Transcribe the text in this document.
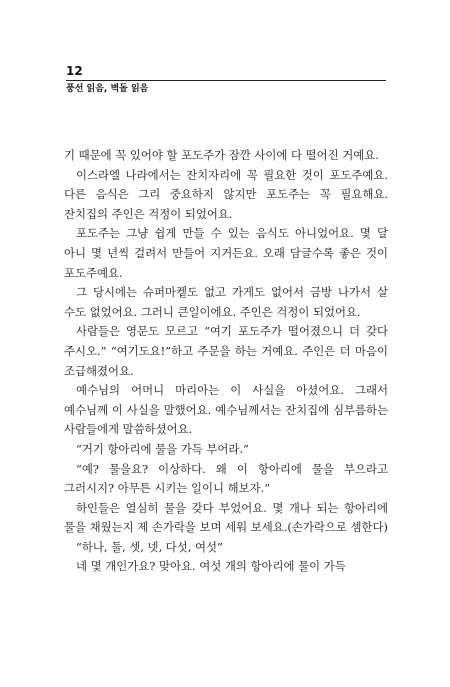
12
풍선 읽음, 벽돌 읽음

기 때문에 꼭 있어야 할 포도주가 잠깐 사이에 다 떨어진 거예요.

이스라엘 나라에서는 잔치자리에 꼭 필요한 것이 포도주예요. 다른 음식은 그리 중요하지 않지만 포도주는 꼭 필요해요. 잔치집의 주인은 걱정이 되었어요.

포도주는 그냥 쉽게 만들 수 있는 음식도 아니었어요. 몇 달 아니 몇 년씩 걸려서 만들어 지거든요. 오래 담글수록 좋은 것이 포도주예요.

그 당시에는 슈퍼마켙도 없고 가게도 없어서 금방 나가서 살 수도 없었어요. 그러니 큰일이에요. 주인은 걱정이 되었어요.

사람들은 영문도 모르고 “여기 포도주가 떨어졌으니 더 갖다 주시오.” “여기도요!”하고 주문을 하는 거예요. 주인은 더 마음이 조급해졌어요.

예수님의 어머니 마리아는 이 사실을 아셨어요. 그래서 예수님께 이 사실을 말했어요. 예수님께서는 잔치집에 심부름하는 사람들에게 말씀하셨어요.

“거기 항아리에 물을 가득 부어라.”

“예? 물을요? 이상하다. 왜 이 항아리에 물을 부으라고 그러시지? 아무튼 시키는 일이니 해보자.”

하인들은 열심히 물을 갖다 부었어요. 몇 개나 되는 항아리에 물을 채웠는지 제 손가락을 보며 세워 보세요.(손가락으로 셈한다)

“하나, 둘, 셋, 넷, 다섯, 여섯”

네 몇 개인가요? 맞아요. 여섯 개의 항아리에 물이 가득
